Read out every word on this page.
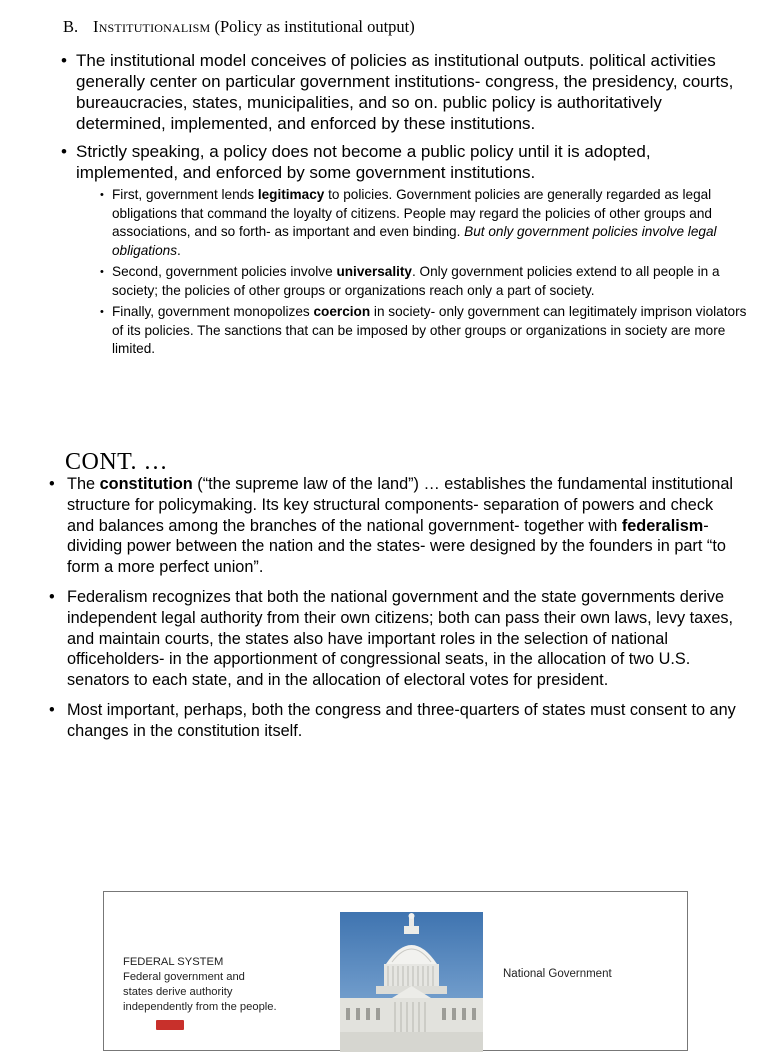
B. Institutionalism (Policy as institutional output)
• The institutional model conceives of policies as institutional outputs. political activities generally center on particular government institutions- congress, the presidency, courts, bureaucracies, states, municipalities, and so on. public policy is authoritatively determined, implemented, and enforced by these institutions.
• Strictly speaking, a policy does not become a public policy until it is adopted, implemented, and enforced by some government institutions.
• First, government lends legitimacy to policies. Government policies are generally regarded as legal obligations that command the loyalty of citizens. People may regard the policies of other groups and associations, and so forth- as important and even binding. But only government policies involve legal obligations.
• Second, government policies involve universality. Only government policies extend to all people in a society; the policies of other groups or organizations reach only a part of society.
• Finally, government monopolizes coercion in society- only government can legitimately imprison violators of its policies. The sanctions that can be imposed by other groups or organizations in society are more limited.
CONT. …
• The constitution (“the supreme law of the land”) … establishes the fundamental institutional structure for policymaking. Its key structural components- separation of powers and check and balances among the branches of the national government- together with federalism- dividing power between the nation and the states- were designed by the founders in part “to form a more perfect union”.
• Federalism recognizes that both the national government and the state governments derive independent legal authority from their own citizens; both can pass their own laws, levy taxes, and maintain courts, the states also have important roles in the selection of national officeholders- in the apportionment of congressional seats, in the allocation of two U.S. senators to each state, and in the allocation of electoral votes for president.
• Most important, perhaps, both the congress and three-quarters of states must consent to any changes in the constitution itself.
FEDERAL SYSTEM
Federal government and
states derive authority
independently from the people.
National Government
